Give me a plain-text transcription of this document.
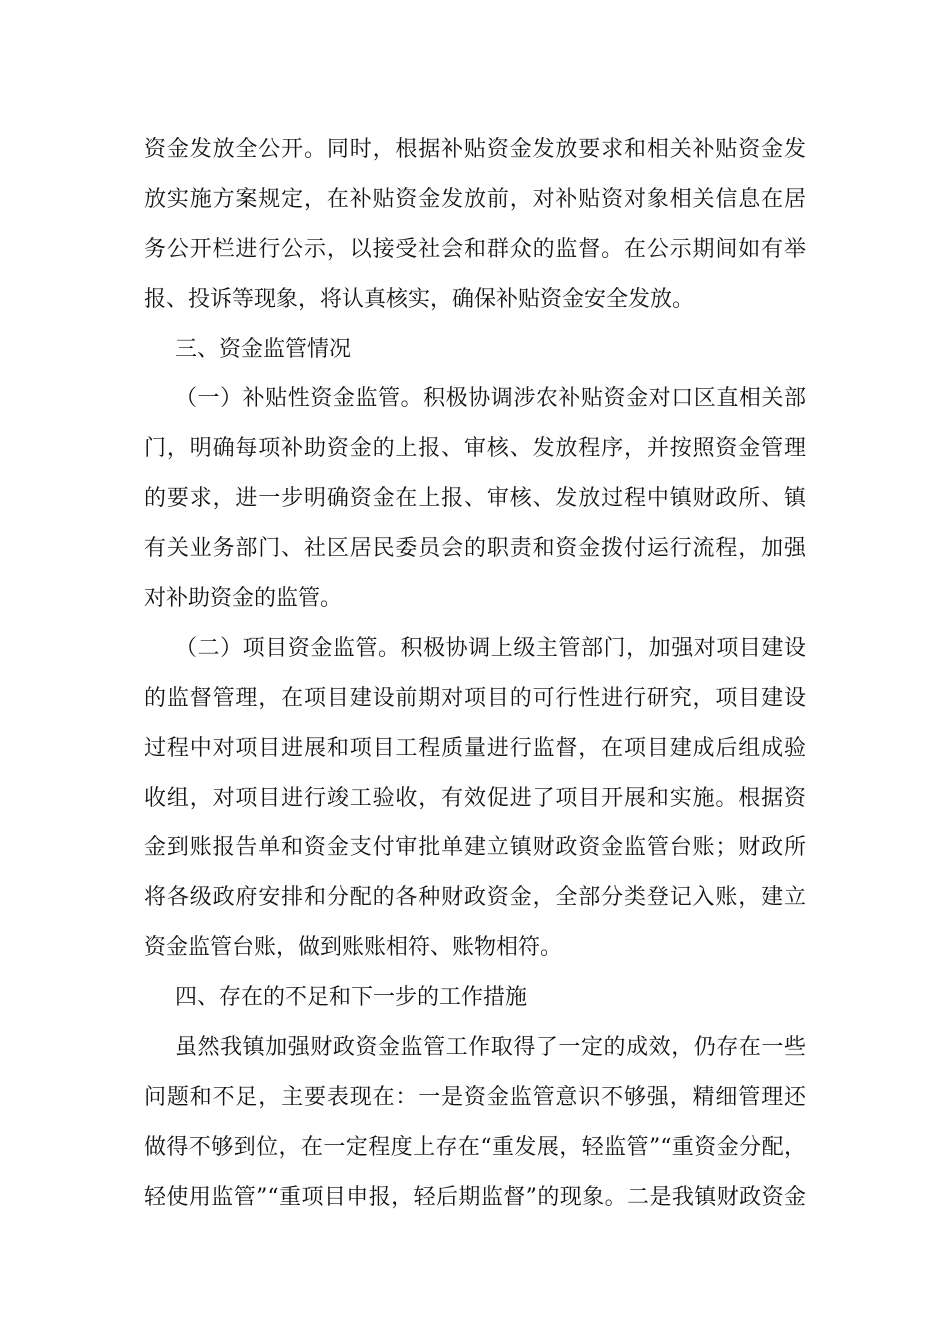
资金发放全公开。同时，根据补贴资金发放要求和相关补贴资金发
放实施方案规定，在补贴资金发放前，对补贴资对象相关信息在居
务公开栏进行公示，以接受社会和群众的监督。在公示期间如有举
报、投诉等现象，将认真核实，确保补贴资金安全发放。
三、资金监管情况
（一）补贴性资金监管。积极协调涉农补贴资金对口区直相关部
门，明确每项补助资金的上报、审核、发放程序，并按照资金管理
的要求，进一步明确资金在上报、审核、发放过程中镇财政所、镇
有关业务部门、社区居民委员会的职责和资金拨付运行流程，加强
对补助资金的监管。
（二）项目资金监管。积极协调上级主管部门，加强对项目建设
的监督管理，在项目建设前期对项目的可行性进行研究，项目建设
过程中对项目进展和项目工程质量进行监督，在项目建成后组成验
收组，对项目进行竣工验收，有效促进了项目开展和实施。根据资
金到账报告单和资金支付审批单建立镇财政资金监管台账；财政所
将各级政府安排和分配的各种财政资金，全部分类登记入账，建立
资金监管台账，做到账账相符、账物相符。
四、存在的不足和下一步的工作措施
虽然我镇加强财政资金监管工作取得了一定的成效，仍存在一些
问题和不足，主要表现在：一是资金监管意识不够强，精细管理还
做得不够到位，在一定程度上存在“重发展，轻监管”“重资金分配，
轻使用监管”“重项目申报，轻后期监督”的现象。二是我镇财政资金
